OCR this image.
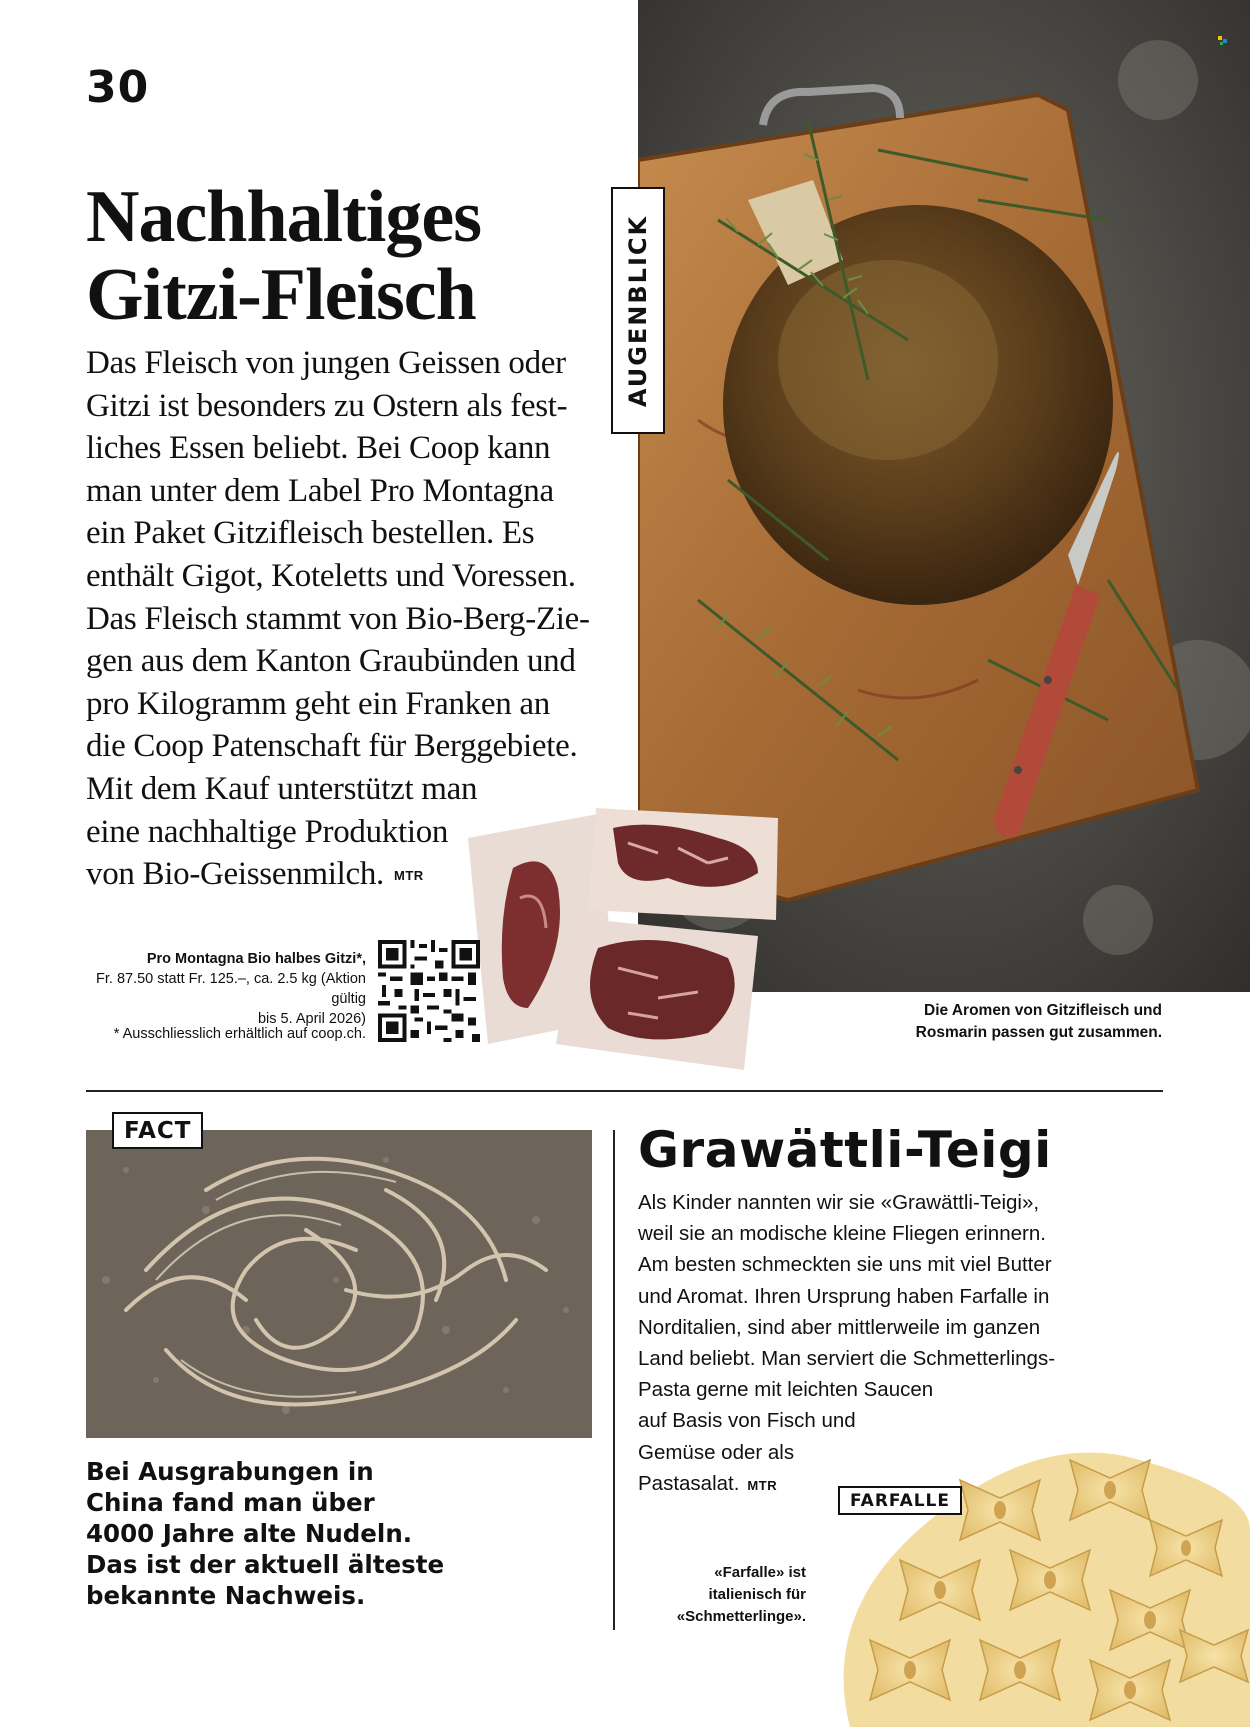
30
AUGENBLICK
Nachhaltiges
Gitzi-Fleisch

Das Fleisch von jungen Geissen oder
Gitzi ist besonders zu Ostern als fest-
liches Essen beliebt. Bei Coop kann
man unter dem Label Pro Montagna
ein Paket Gitzifleisch bestellen. Es
enthält Gigot, Koteletts und Voressen.
Das Fleisch stammt von Bio-Berg-Zie-
gen aus dem Kanton Graubünden und
pro Kilogramm geht ein Franken an
die Coop Patenschaft für Berggebiete.
Mit dem Kauf unterstützt man
eine nachhaltige Produktion
von Bio-Geissenmilch. MTR

Pro Montagna Bio halbes Gitzi*,
Fr. 87.50 statt Fr. 125.–, ca. 2.5 kg (Aktion gültig
bis 5. April 2026)
* Ausschliesslich erhältlich auf coop.ch.
Die Aromen von Gitzifleisch und
Rosmarin passen gut zusammen.
FACT
Bei Ausgrabungen in
China fand man über
4000 Jahre alte Nudeln.
Das ist der aktuell älteste
bekannte Nachweis.
Grawättli-Teigi
Als Kinder nannten wir sie «Grawättli-Teigi»,
weil sie an modische kleine Fliegen erinnern.
Am besten schmeckten sie uns mit viel Butter
und Aromat. Ihren Ursprung haben Farfalle in
Norditalien, sind aber mittlerweile im ganzen
Land beliebt. Man serviert die Schmetterlings-
Pasta gerne mit leichten Saucen
auf Basis von Fisch und
Gemüse oder als
Pastasalat. MTR
FARFALLE
«Farfalle» ist
italienisch für
«Schmetterlinge».
